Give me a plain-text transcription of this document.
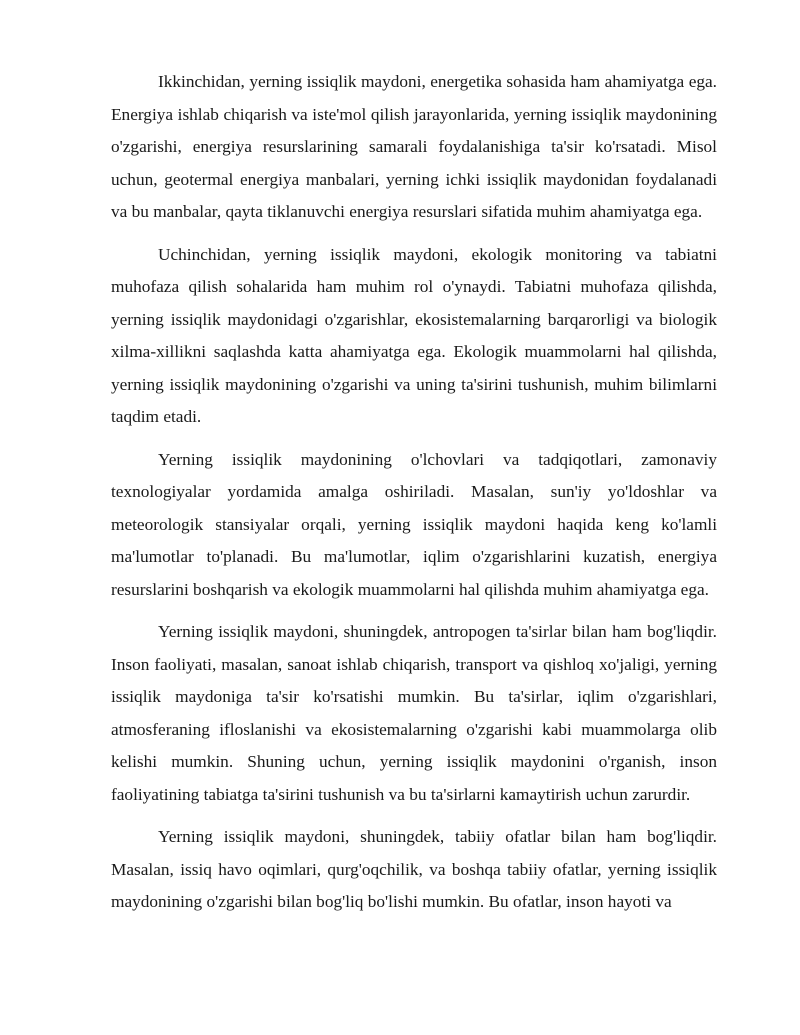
Ikkinchidan, yerning issiqlik maydoni, energetika sohasida ham ahamiyatga ega. Energiya ishlab chiqarish va iste'mol qilish jarayonlarida, yerning issiqlik maydonining o'zgarishi, energiya resurslarining samarali foydalanishiga ta'sir ko'rsatadi. Misol uchun, geotermal energiya manbalari, yerning ichki issiqlik maydonidan foydalanadi va bu manbalar, qayta tiklanuvchi energiya resurslari sifatida muhim ahamiyatga ega.

Uchinchidan, yerning issiqlik maydoni, ekologik monitoring va tabiatni muhofaza qilish sohalarida ham muhim rol o'ynaydi. Tabiatni muhofaza qilishda, yerning issiqlik maydonidagi o'zgarishlar, ekosistemalarning barqarorligi va biologik xilma-xillikni saqlashda katta ahamiyatga ega. Ekologik muammolarni hal qilishda, yerning issiqlik maydonining o'zgarishi va uning ta'sirini tushunish, muhim bilimlarni taqdim etadi.

Yerning issiqlik maydonining o'lchovlari va tadqiqotlari, zamonaviy texnologiyalar yordamida amalga oshiriladi. Masalan, sun'iy yo'ldoshlar va meteorologik stansiyalar orqali, yerning issiqlik maydoni haqida keng ko'lamli ma'lumotlar to'planadi. Bu ma'lumotlar, iqlim o'zgarishlarini kuzatish, energiya resurslarini boshqarish va ekologik muammolarni hal qilishda muhim ahamiyatga ega.

Yerning issiqlik maydoni, shuningdek, antropogen ta'sirlar bilan ham bog'liqdir. Inson faoliyati, masalan, sanoat ishlab chiqarish, transport va qishloq xo'jaligi, yerning issiqlik maydoniga ta'sir ko'rsatishi mumkin. Bu ta'sirlar, iqlim o'zgarishlari, atmosferaning ifloslanishi va ekosistemalarning o'zgarishi kabi muammolarga olib kelishi mumkin. Shuning uchun, yerning issiqlik maydonini o'rganish, inson faoliyatining tabiatga ta'sirini tushunish va bu ta'sirlarni kamaytirish uchun zarurdir.

Yerning issiqlik maydoni, shuningdek, tabiiy ofatlar bilan ham bog'liqdir. Masalan, issiq havo oqimlari, qurg'oqchilik, va boshqa tabiiy ofatlar, yerning issiqlik maydonining o'zgarishi bilan bog'liq bo'lishi mumkin. Bu ofatlar, inson hayoti va
